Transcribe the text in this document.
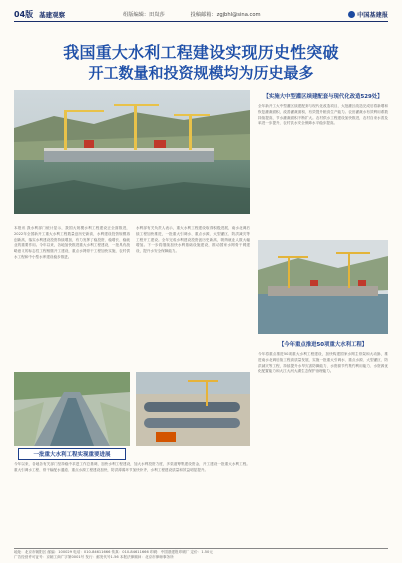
04版 基建观察	组版编辑：田岚莎	投稿邮箱：zgjbhl@sina.com	中国基建报
我国重大水利工程建设实现历史性突破
开工数量和投资规模均为历史最多
本报讯 我水利部门统计显示，我国大规模水利工程建设正全面推进，2022年全国新开工重大水利工程数量创历史新高，水利建设投资规模再创新高，落实水利建设投资持续增加，有力发挥了稳投资、稳增长、稳就业的重要作用。今年以来，各地加快推进重大水利工程建设，一批具有战略意义的标志性工程相继开工建设，重点水网骨干工程加快实施，农村供水工程和中小型水库建设稳步推进。
水利部有关负责人表示，重大水利工程建设取得积极进展，南水北调后续工程加快推进，一批重大引调水、重点水源、大型灌区、防洪减灾等工程开工建设。全年完成水利建设投资创历史新高，吸纳就业人数大幅增加。下一步将继续加快水利基础设施建设，推动国家水网骨干网建设，提升水安全保障能力。
【实施大中型灌区续建配套与现代化改造529处】
全年新开工大中型灌区续建配套与现代化改造项目，大批灌区改造完成后将新增和恢复灌溉面积，改善灌溉面积，有效提升粮食生产能力。农田灌溉水有效利用系数持续提高，节水灌溉面积不断扩大。农村供水工程建设加快推进，农村自来水普及率进一步提升，农村饮水安全保障水平稳步提高。
【今年重点推进50项重大水利工程】
今年将重点推进50项重大水利工程建设，加快构建国家水网主骨架和大动脉，推进南水北调后续工程高质量发展，实施一批重大引调水、重点水源、大型灌区、防洪减灾等工程，持续提升水旱灾害防御能力、水资源节约集约利用能力、水资源优化配置能力和大江大河大湖生态保护治理能力。
一批重大水利工程实现重要进展
今年以来，各地各有关部门坚持稳中求进工作总基调，加快水利工程建设，加大水利投资力度，多渠道筹集建设资金，开工建设一批重大水利工程。重大引调水工程、骨干输配水通道、重点水源工程建设加快，防洪薄弱环节加快补齐，水利工程建设质量和效益明显提升。
地址：北京市朝阳区 邮编：100029 电话：010-84611666 传真：010-84611666 印刷：中国基建报印刷厂 定价：1.50元
广告经营许可证号：京朝工商广字第0001号 发行：邮发代号1-56 本报法律顾问：北京市律师事务所
